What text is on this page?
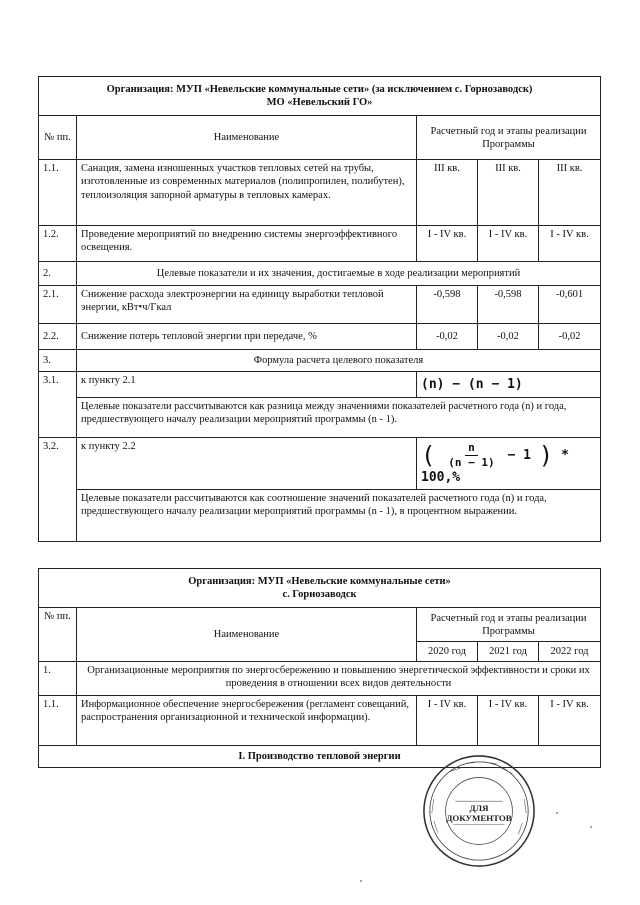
Организация: МУП «Невельские коммунальные сети» (за исключением с. Горнозаводск)
МО «Невельский ГО»				

№ пп.	Наименование	Расчетный год и этапы реализации Программы		
1.1.	Санация, замена изношенных участков тепловых сетей на трубы, изготовленные из современных материалов (полипропилен, полибутен), теплоизоляция запорной арматуры в тепловых камерах.	III кв.	III кв.	III кв.
1.2.	Проведение мероприятий по внедрению системы энергоэффективного освещения.	I - IV кв.	I - IV кв.	I - IV кв.
2.	Целевые показатели и их значения, достигаемые в ходе реализации мероприятий			
2.1.	Снижение расхода электроэнергии на единицу выработки тепловой энергии, кВт•ч/Гкал	-0,598	-0,598	-0,601
2.2.	Снижение потерь тепловой энергии при передаче, %	-0,02	-0,02	-0,02
3.	Формула расчета целевого показателя			
3.1.	к пункту 2.1	(n) − (n − 1)		
	Целевые показатели рассчитываются как разница между значениями показателей расчетного года (n) и года, предшествующего началу реализации мероприятий программы (n - 1).			
3.2.	к пункту 2.2	( $\frac{n}{(n - 1)} - 1$ ) * 100,%		
	Целевые показатели рассчитываются как соотношение значений показателей расчетного года (n) и года, предшествующего началу реализации мероприятий программы (n - 1), в процентном выражении.			
Организация: МУП «Невельские коммунальные сети»
с. Горнозаводск				

№ пп.	Наименование	Расчетный год и этапы реализации Программы		
		2020 год	2021 год	2022 год
1.	Организационные мероприятия по энергосбережению и повышению энергетической эффективности и сроки их проведения в отношении всех видов деятельности			
1.1.	Информационное обеспечение энергосбережения (регламент совещаний, распространения организационной и технической информации).	I - IV кв.	I - IV кв.	I - IV кв.
I. Производство тепловой энергии				
ДЛЯ
ДОКУМЕНТОВ
